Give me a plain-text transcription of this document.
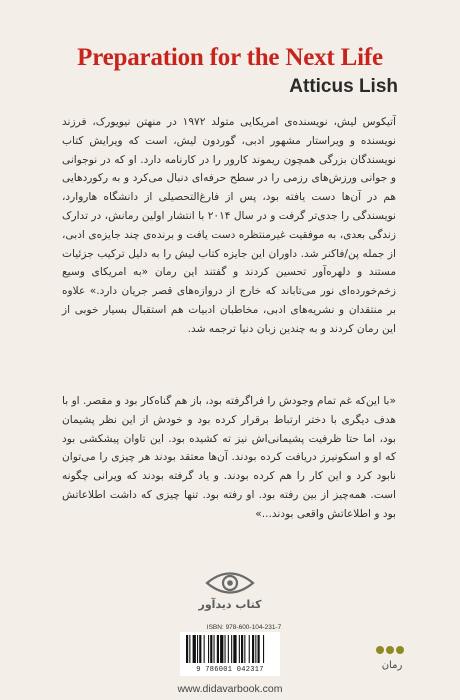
Preparation for the Next Life
Atticus Lish

آتیکوس لیش، نویسنده‌ی امریکایی متولد ۱۹۷۲ در منهتن نیویورک، فرزند نویسنده و ویراستار مشهور ادبی، گوردون لیش، است که ویرایش کتاب نویسندگان بزرگی همچون ریموند کارور را در کارنامه دارد. او که در نوجوانی و جوانی ورزش‌های رزمی را در سطح حرفه‌ای دنبال می‌کرد و به رکوردهایی هم در آن‌ها دست یافته بود، پس از فارغ‌التحصیلی از دانشگاه هاروارد، نویسندگی را جدی‌تر گرفت و در سال ۲۰۱۴ با انتشار اولین رمانش، در تدارک زندگی بعدی، به موفقیت غیرمنتظره دست یافت و برنده‌ی چند جایزه‌ی ادبی، از جمله پن/فاکنر شد. داوران این جایزه کتاب لیش را به دلیل ترکیب جزئیات مستند و دلهره‌آور تحسین کردند و گفتند این رمان «به امریکای وسیع زخم‌خورده‌ای نور می‌تاباند که خارج از دروازه‌های قصر جریان دارد.» علاوه بر منتقدان و نشریه‌های ادبی، مخاطبان ادبیات هم استقبال بسیار خوبی از این رمان کردند و به چندین زبان دنیا ترجمه شد.

«با این‌که غم تمام وجودش را فراگرفته بود، باز هم گناه‌کار بود و مقصر. او با هدف دیگری با دختر ارتباط برقرار کرده بود و خودش از این نظر پشیمان بود، اما حتا ظرفیت پشیمانی‌اش نیز ته کشیده بود. این تاوان پیشکشی بود که او و اسکونیرز دریافت کرده بودند. آن‌ها معتقد بودند هر چیزی را می‌توان نابود کرد و این کار را هم کرده بودند. و یاد گرفته بودند که ویرانی چگونه است. همه‌چیز از بین رفته بود. او رفته بود. تنها چیزی که داشت اطلاعاتش بود و اطلاعاتش واقعی بودند...»

کتاب دیدآور
ISBN: 978-600-104-231-7
9 786001 042317	رمان
www.didavarbook.com
